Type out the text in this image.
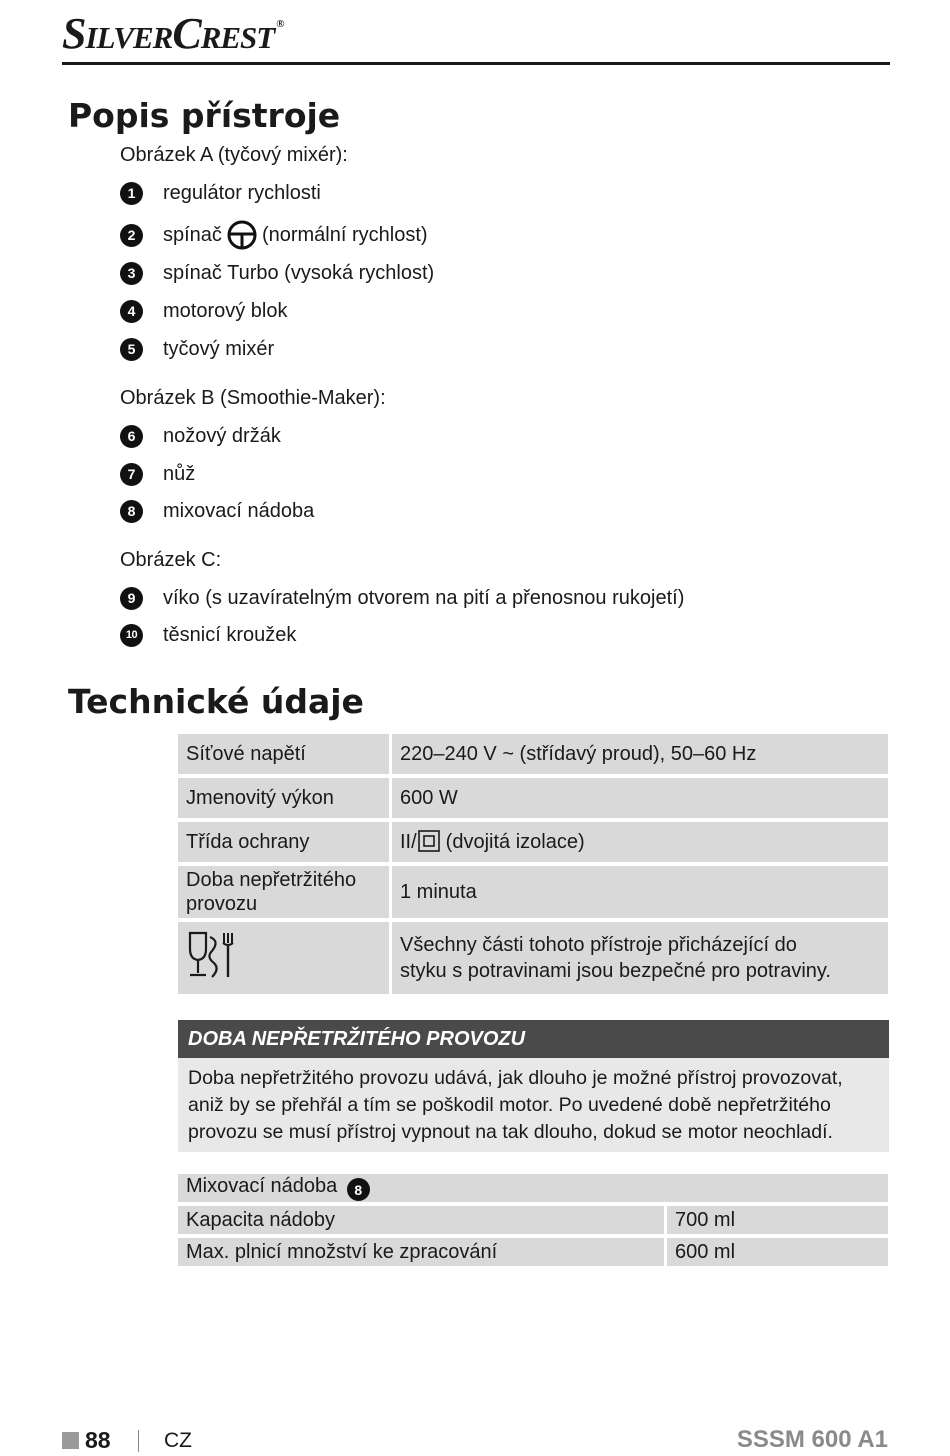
SilverCrest ®
Popis přístroje
Obrázek A (tyčový mixér):
1	regulátor rychlosti
2	spínač (normální rychlost)
3	spínač Turbo (vysoká rychlost)
4	motorový blok
5	tyčový mixér
Obrázek B (Smoothie-Maker):
6	nožový držák
7	nůž
8	mixovací nádoba
Obrázek C:
9	víko (s uzavíratelným otvorem na pití a přenosnou rukojetí)
10 těsnicí kroužek
Technické údaje
Síťové napětí	220–240 V ~ (střídavý proud), 50–60 Hz
Jmenovitý výkon	600 W
Třída ochrany	II/ (dvojitá izolace)
Doba nepřetržitého provozu	1 minuta
	Všechny části tohoto přístroje přicházející do styku s potravinami jsou bezpečné pro potraviny.
DOBA NEPŘETRŽITÉHO PROVOZU
Doba nepřetržitého provozu udává, jak dlouho je možné přístroj provozovat, aniž by se přehřál a tím se poškodil motor. Po uvedené době nepřetržitého provozu se musí přístroj vypnout na tak dlouho, dokud se motor neochladí.
Mixovací nádoba 8	
Kapacita nádoby	700 ml
Max. plnicí množství ke zpracování	600 ml
88	CZ	SSSM 600 A1
